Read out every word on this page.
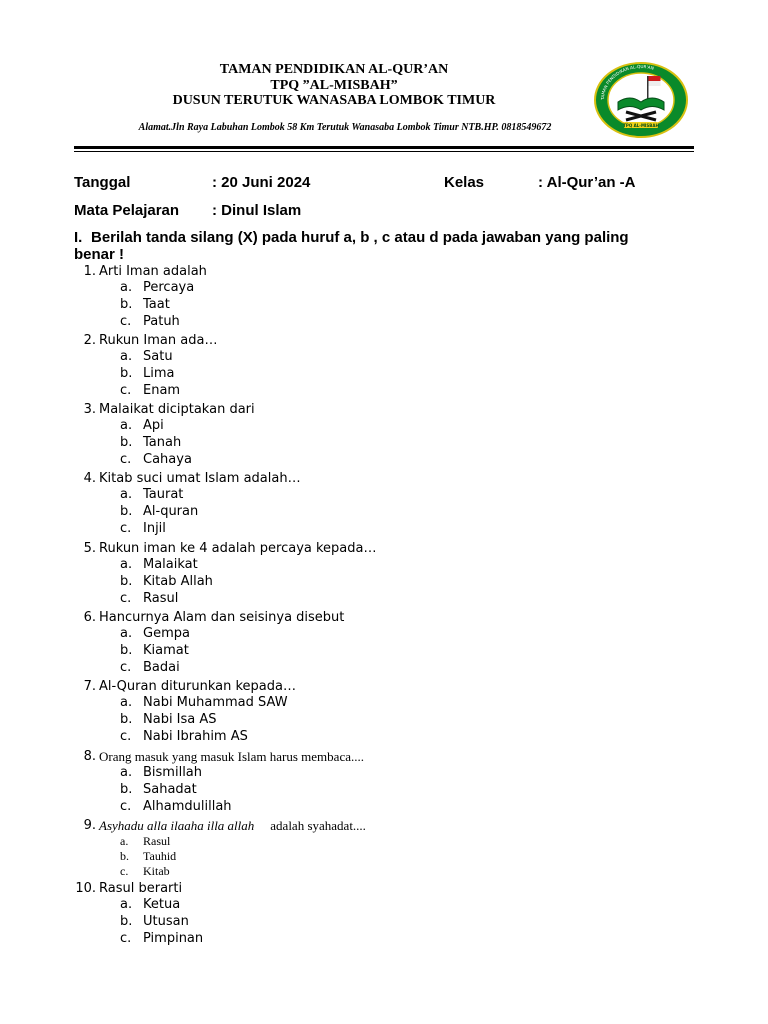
TAMAN PENDIDIKAN AL-QUR’AN
TPQ ”AL-MISBAH”
DUSUN TERUTUK WANASABA LOMBOK TIMUR
Alamat.Jln Raya Labuhan Lombok 58 Km Terutuk Wanasaba Lombok Timur NTB.HP. 0818549672
TAMAN PENDIDIKAN AL-QUR'AN
TPQ AL-MISBAH
Tanggal	: 20 Juni 2024	Kelas	: Al-Qur’an -A
Mata Pelajaran : Dinul Islam
I. Berilah tanda silang (X) pada huruf a, b , c atau d pada jawaban yang paling
benar !
1. Arti Iman adalah
a. Percaya
b. Taat
c. Patuh
2. Rukun Iman ada…
a. Satu
b. Lima
c. Enam
3. Malaikat diciptakan dari
a. Api
b. Tanah
c. Cahaya
4. Kitab suci umat Islam adalah…
a. Taurat
b. Al-quran
c. Injil
5. Rukun iman ke 4 adalah percaya kepada…
a. Malaikat
b. Kitab Allah
c. Rasul
6. Hancurnya Alam dan seisinya disebut
a. Gempa
b. Kiamat
c. Badai
7. Al-Quran diturunkan kepada…
a. Nabi Muhammad SAW
b. Nabi Isa AS
c. Nabi Ibrahim AS
8. Orang masuk yang masuk Islam harus membaca....
a. Bismillah
b. Sahadat
c. Alhamdulillah
9. Asyhadu alla ilaaha illa allah adalah syahadat....
a. Rasul
b. Tauhid
c. Kitab
10. Rasul berarti
a. Ketua
b. Utusan
c. Pimpinan
